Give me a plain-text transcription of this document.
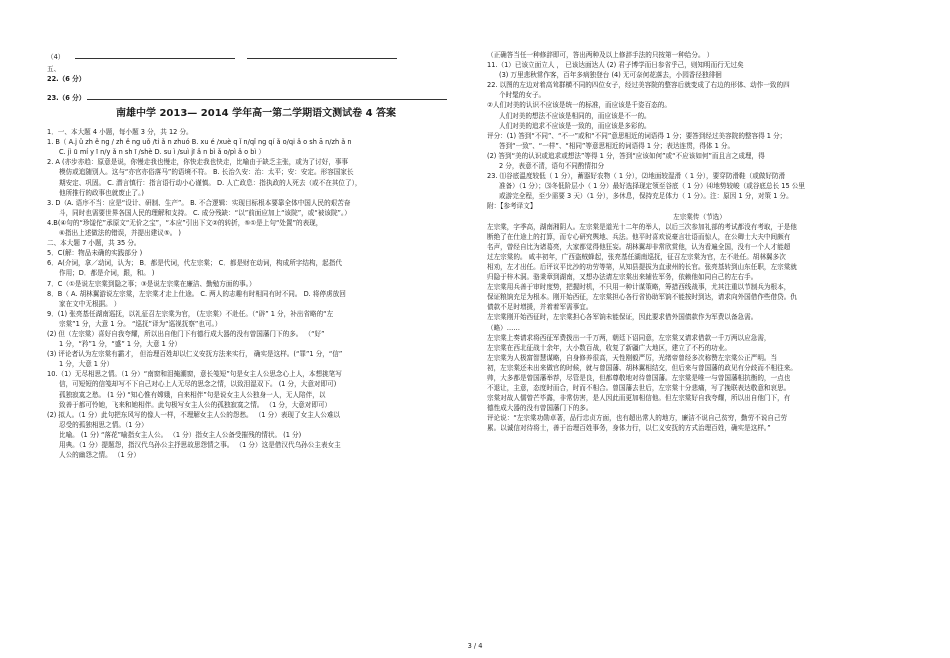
（4）
五、
22.（6 分）
23.（6 分）
南雄中学 2013— 2014 学年高一第二学期语文测试卷 4 答案
1．一、本大题 4 小题，每小题 3 分，共 12 分。
1. B（ A.j ǔ zh ě ng / zh ě ng uǒ /ti ǎ n zhuó B. xu é /xuè q ǐ n/qǐ ng qí ǎ o/qi ǎ o sh ā n/zh ǎ n
C. jì ū mí y ī n/y ǎ n sh ī /shè D. su ì /suì jī ǎ n bì ǎ o/pì ǎ o bì ）
2. A (亦步亦趋：原意是说，你慢走我也慢走，你快走我也快走，比喻由于缺乏主张，或为了讨好，事事
模仿或追随别人。这与“亦官亦俗落马”的语境不符。 B. 长治久安：治：太平；安：安定。形容国家长
期安定、巩固。 C. 潜言慎行：指言语行动小心谨慎。 D. 人亡政息：指执政的人死去（或不在其位了），
他所推行的政事也就废止了。)
3. D（A. 语序不当：应是“设计、研制、生产”。 B. 不合逻辑：实现目标根本要靠全体中国人民的艰苦奋
斗，同时也需要世界各国人民的理解和支持。 C. 成分残缺：“以”前面应加上“该院”，或“被该院”。）
4.B(④句的“珍馐佗”承原文“无价之宝”，“本应”引出下文②的转折，⑤①是上句“处置”的表现，
⑥指出上述做法的错误，并提出建议⑤。 )
二、本大题 7 小题，共 35 分。
5．C(解：物品未确的实践部分 )
6．A(介词，拿／动词，认为； B．都是代词，代左宗棠； C．都是财在动词，构成所字结构，起指代
作用；D．都是介词，跟，和。 )
7．C（①是说左宗棠到隐之事；③是说左宗棠在廉洁、勤勉方面的事。）
8．B（ A. 胡林翼游说左宗棠，左宗棠才走上仕途。 C. 两人的志趣有时相同有时不同。 D. 将停虏放回
家在文中无根据。 ）
9．(1) 张亮基任湖南巡抚，以礼征召左宗棠为官， (左宗棠）不赴任。（“辟” 1 分，补出省略的“左
宗棠”1 分，大意 1 分。 “巡抚”译为“巡视抚察”也可。）
(2) 但（左宗棠）喜好自我夸耀，所以出自他门下有德行成大器的没有曾国藩门下的多。 （“好”
1 分，“矜”1 分，“盛” 1 分，大意 1 分）
(3) 评论者认为左宗棠有霸才， 但治理百姓却以仁义安抚方法来实行， 确实是这样。(“罪”1 分，“信”
1 分，大意 1 分）
10.（1）无尽相思之情。（1 分）“南窗和泪掩潮窗，意长笺短”句是女主人公思念心上人，本想挑笔写
信，可短短的信笺却写不下自己对心上人无尽的思念之情，以致泪湿双下。 (1 分，大意对即可)
孤独寂寞之愁。 (1 分) “知心惟有嫦娥，自来相伴”句是说女主人公独身一人，无人陪伴，以
致善于都可怜她，飞来和她相伴。此句极写女主人公的孤独寂寞之情。 （1 分，大意对即可）
(2) 拟人。（1 分）此句把东风写的像人一样，不理解女主人公的怨愁。 （1 分）表现了女主人公难以
忍受的孤独相思之情。（1 分）
比喻。 (1 分) “落花”喻指女主人公。 （1 分）指女主人公备受摧残的情状。 (1 分)
用典。（1 分）提题怨，指汉代乌孙公主抒思故思怨情之事。 （1 分）这是借汉代乌孙公主表女主
人公的幽怨之情。 （1 分）
（正确答当任一种修辞即可，答出两种及以上修辞手法的只按第一种给分。 ）
11.（1）已该立面立人 ， 已该达面达人 (2) 君子博学而日参省乎己，则知明而行无过矣
(3) 万里悲秋常作客，百年多病独登台 (4) 无可奈何花落去，小园香径独徘徊
22. 以图的左边对着高耸群横不同的四位女子，经过美容院的整容后就变成了右边的形体、动作一致的四
个时髦的女子。
②人们对美的认识不应该是统一的标准，而应该是千姿百态的。
人们对美的想法不应该是相同的，而应该是不一的。
人们对美的追求不应该是一致的，而应该是多彩的。
评分：(1) 答到“不同”、“不一”或和“不同”意思相近的词语得 1 分；要答到经过美容院的整容得 1 分；
答到“一致”、“一样”、“相同”等意思相近的词语得 1 分；表达连贯，得体 1 分。
(2) 答到“美的认识或追求或想法”等得 1 分，答到“应该如何”或“不应该如何”而且言之成理，得
2 分，表意不清，语句不同酌情扣分
23. ⑴谷底温度较低（ 1 分），蓄器好农物（ 1 分），⑵地面较湿滑（ 1 分），要穿防滑鞋（或做好防滑
准备）（1 分）；⑶冬低阶层小（ 1 分）最好选择现定领至谷底（ 1 分）⑷地势较峻（或谷底总长 15 公里
或游完全程，至少需要 3 天）（1 分），多休息，保持充足体力（ 1 分）。注：原因 1 分，对策 1 分。
附：【参考译文】
左宗棠传（节选）
左宗棠，字季高，湖南湘阴人。左宗棠是道光十二年的举人，以后三次参加礼部的考试都没有考取，于是他
断绝了在仕途上的打算，而专心研究舆地、兵法。他平时喜欢说豪言壮语而惊人，在公卿士大夫中间颇有
名声，曾经自比为诸葛亮，大家都觉得他狂妄。胡林翼却非常欣赏他，认为看遍全国，没有一个人才能超
过左宗棠的。 咸丰初年，广西盗贼蜂起，张亮基任湖南巡抚，征召左宗棠为官，左不赴任。胡林翼多次
相劝，左才出任。后评议平比沙的功劳等第，从知县提拔为直隶州的长官。张亮基转到山东任职，左宗棠就
归隐于梓木洞。骆秉章到湖南，又想办法请左宗棠出来辅佐军务，依赖他如同自己的左右手。
左宗棠用兵善于审时度势，把握时机，不只用一种计谋策略，筹措西线战事，尤其注重以节制兵为根本，
保证粮饷充足为根本。刚开始西征，左宗棠担心各行省协助军饷不能按时到达，请求向外国借作些借贷。仇
债款不足时增援，并着着军需事宜。
左宗棠刚开始西征时，左宗棠担心各军饷未能保证，因此要求借外国债款作为军费以备急需。
（略）……
左宗棠上奏请求将西征军费拨出一千万两，朝廷下诏同意，左宗棠又请求借款一千万两以应急需，
左宗棠在西北征战十余年，大小数百战，收复了新疆广大地区，建立了不朽的功业。
左宗棠为人极富智慧谋略，自身修养很高，天性刚毅严厉，光绪帝曾经多次称赞左宗棠公正严明。当
初，左宗棠还未出来做官的时候，就与曾国藩、胡林翼相结交，但后来与曾国藩的政见有分歧而不相往来。
帅，大多都是曾国藩举荐，尽管是良，但都尊敬地对待曾国藩。左宗棠是唯一与曾国藩相抗衡的，一点也
不退让，主意，态度时而合，时而不相合。曾国藩去世后，左宗棠十分悲痛，写了挽联表达敬意和哀思。
宗棠对故人儒曾芒毕露，非常仿害，是人因此而更加相信他。但左宗棠好自我夸耀，所以出自他门下，有
德性成大器的没有曾国藩门下的多。
评论说：“左宗棠功勋卓著，品行忠贞方面，也有超出常人的地方，廉洁不说自己贫穷，勤劳不说自己劳
累。以诚信对待将士，善于治理百姓事务，身体力行，以仁义安抚的方式治理百姓，确实是这样。”
3 / 4
